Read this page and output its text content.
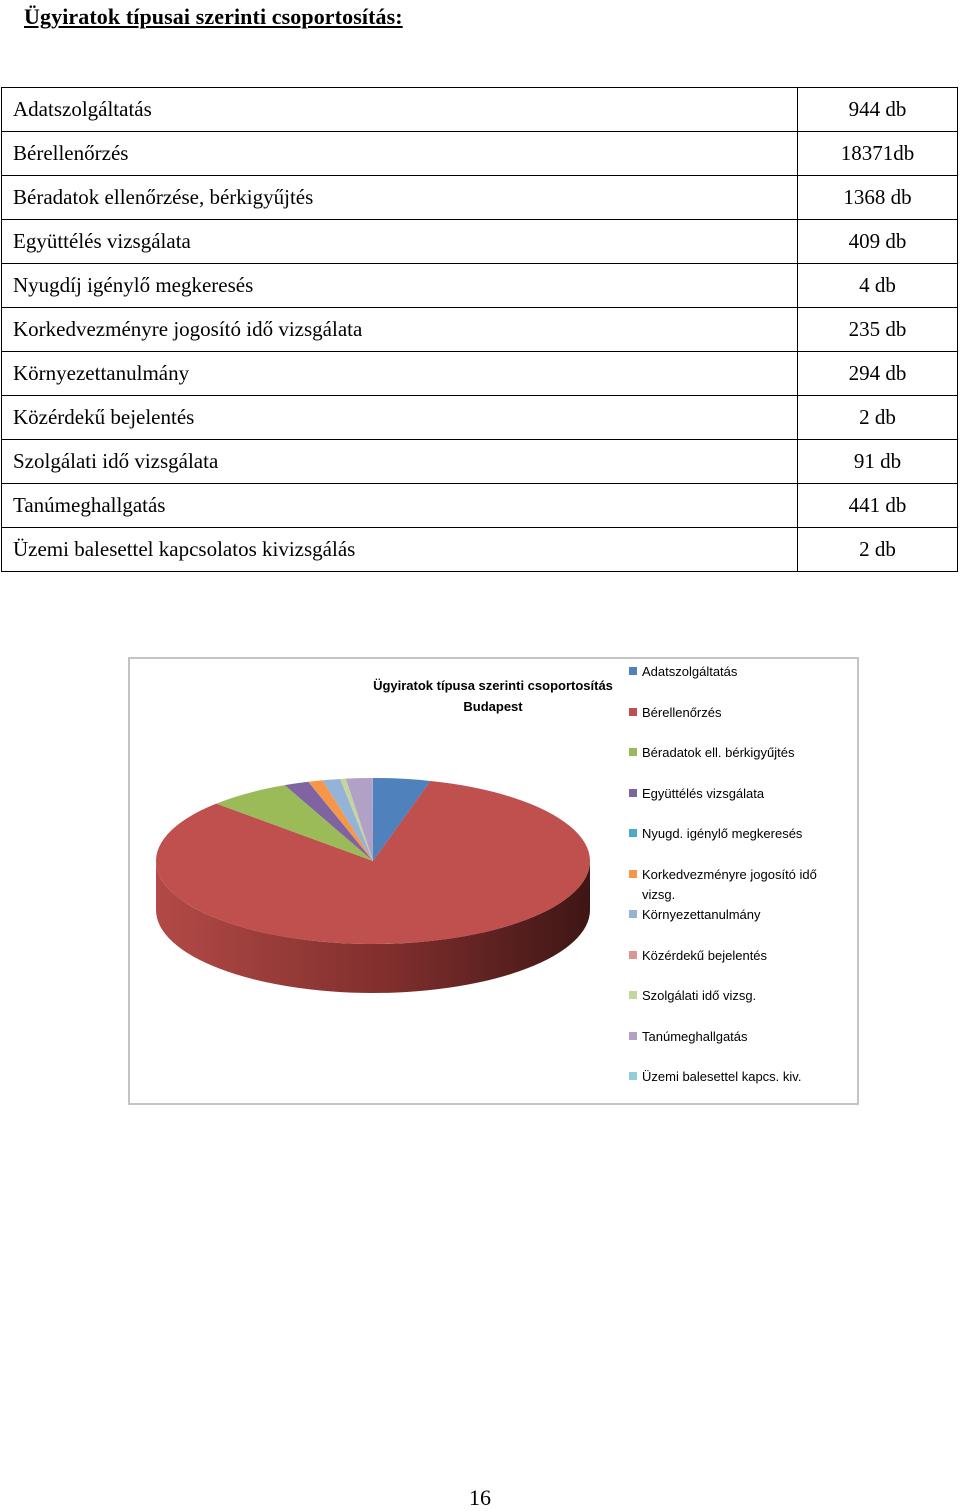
Ügyiratok típusai szerinti csoportosítás:
Adatszolgáltatás	944 db
Bérellenőrzés	18371db
Béradatok ellenőrzése, bérkigyűjtés	1368 db
Együttélés vizsgálata	409 db
Nyugdíj igénylő megkeresés	4 db
Korkedvezményre jogosító idő vizsgálata	235 db
Környezettanulmány	294 db
Közérdekű bejelentés	2 db
Szolgálati idő vizsgálata	91 db
Tanúmeghallgatás	441 db
Üzemi balesettel kapcsolatos kivizsgálás	2 db
Ügyiratok típusa szerinti csoportosítás
Budapest
Adatszolgáltatás
Bérellenőrzés
Béradatok ell. bérkigyűjtés
Együttélés vizsgálata
Nyugd. igénylő megkeresés
Korkedvezményre jogosító idő vizsg.
Környezettanulmány
Közérdekű bejelentés
Szolgálati idő vizsg.
Tanúmeghallgatás
Üzemi balesettel kapcs. kiv.
16
